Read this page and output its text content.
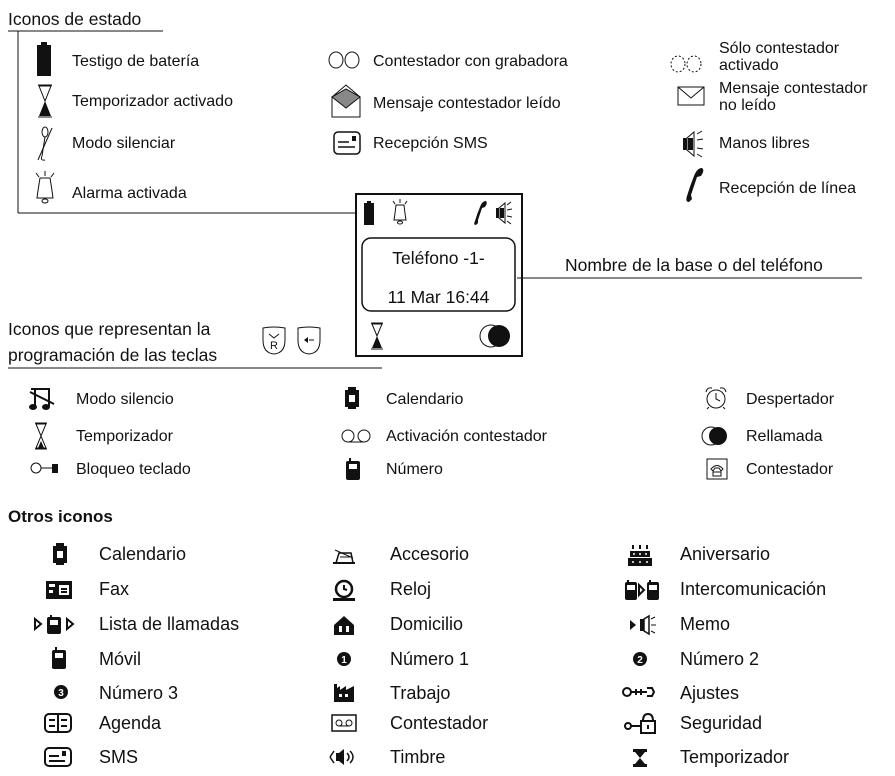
Iconos de estado
Testigo de batería
Temporizador activado
Modo silenciar
Alarma activada
Contestador con grabadora
Mensaje contestador leído
Recepción SMS
Sólo contestador activado
Mensaje contestador no leído
Manos libres
Recepción de línea
Teléfono -1-
11 Mar 16:44
Nombre de la base o del teléfono
Iconos que representan la
programación de las teclas	R
Modo silencio
Temporizador
Bloqueo teclado
Calendario
Activación contestador
Número
Despertador
Rellamada
Contestador
Otros iconos
3
Calendario
Fax
Lista de llamadas
Móvil
Número 3
Agenda
SMS
1
Accesorio
Reloj
Domicilio
Número 1
Trabajo
Contestador
Timbre
2
Aniversario
Intercomunicación
Memo
Número 2
Ajustes
Seguridad
Temporizador
